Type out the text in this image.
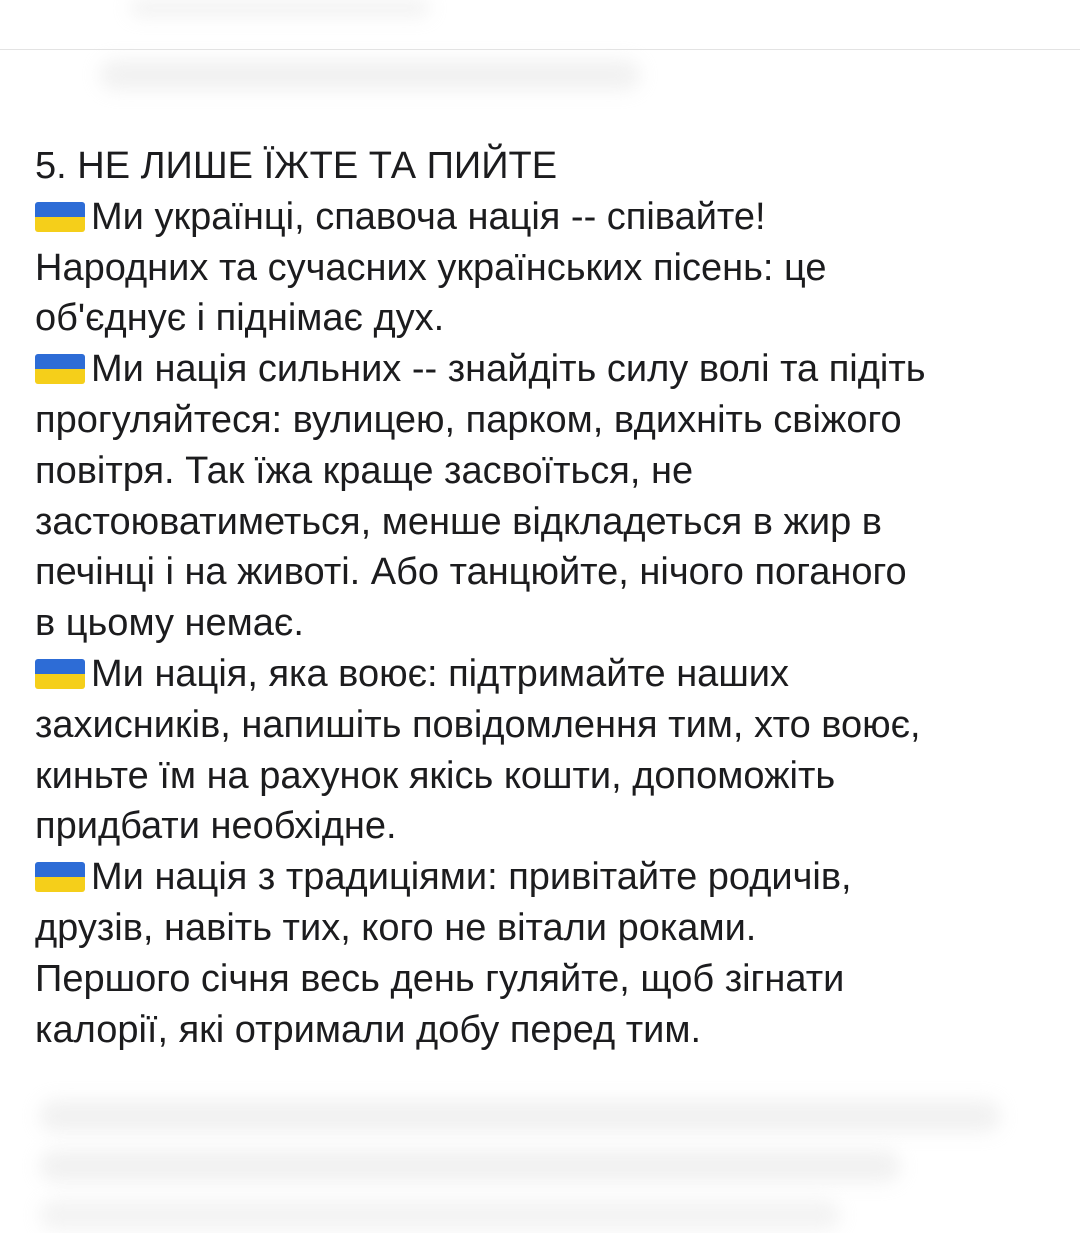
5. НЕ ЛИШЕ ЇЖТЕ ТА ПИЙТЕ
Ми українці, спавоча нація -- співайте!
Народних та сучасних українських пісень: це
об'єднує і піднімає дух.
Ми нація сильних -- знайдіть силу волі та підіть
прогуляйтеся: вулицею, парком, вдихніть свіжого
повітря. Так їжа краще засвоїться, не
застоюватиметься, менше відкладеться в жир в
печінці і на животі. Або танцюйте, нічого поганого
в цьому немає.
Ми нація, яка воює: підтримайте наших
захисників, напишіть повідомлення тим, хто воює,
киньте їм на рахунок якісь кошти, допоможіть
придбати необхідне.
Ми нація з традиціями: привітайте родичів,
друзів, навіть тих, кого не вітали роками.
Першого січня весь день гуляйте, щоб зігнати
калорії, які отримали добу перед тим.
